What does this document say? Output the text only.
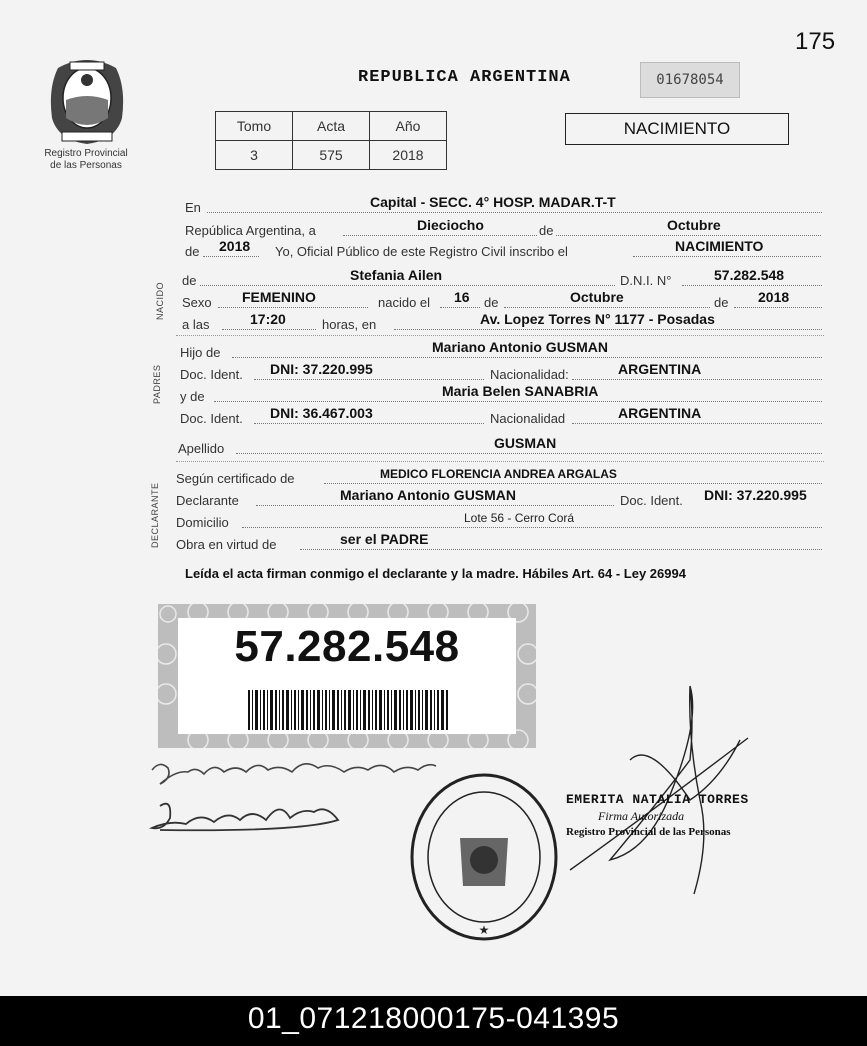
175
Registro Provincial
de las Personas
REPUBLICA ARGENTINA	01678054
Tomo	Acta	Año
3	575	2018
NACIMIENTO
En	Capital - SECC. 4° HOSP. MADAR.T-T
República Argentina, a	Dieciocho	de	Octubre
de 2018 Yo, Oficial Público de este Registro Civil inscribo el	NACIMIENTO
NACIDO
de	Stefania Ailen	D.N.I. N°	57.282.548
Sexo FEMENINO	nacido el 16 de	Octubre	de 2018
a las	17:20	horas, en	Av. Lopez Torres N° 1177 - Posadas
PADRES
Hijo de	Mariano Antonio GUSMAN
Doc. Ident. DNI: 37.220.995	Nacionalidad:	ARGENTINA
y de	Maria Belen SANABRIA
Doc. Ident. DNI: 36.467.003	Nacionalidad	ARGENTINA
Apellido	GUSMAN
DECLARANTE
Según certificado de	MEDICO FLORENCIA ANDREA ARGALAS
Declarante	Mariano Antonio GUSMAN	Doc. Ident. DNI: 37.220.995
Domicilio	Lote 56 - Cerro Corá
Obra en virtud de	ser el PADRE
Leída el acta firman conmigo el declarante y la madre. Hábiles Art. 64 - Ley 26994
57.282.548
★
EMERITA NATALIA TORRES
Firma Autorizada
Registro Provincial de las Personas
01_071218000175-041395
